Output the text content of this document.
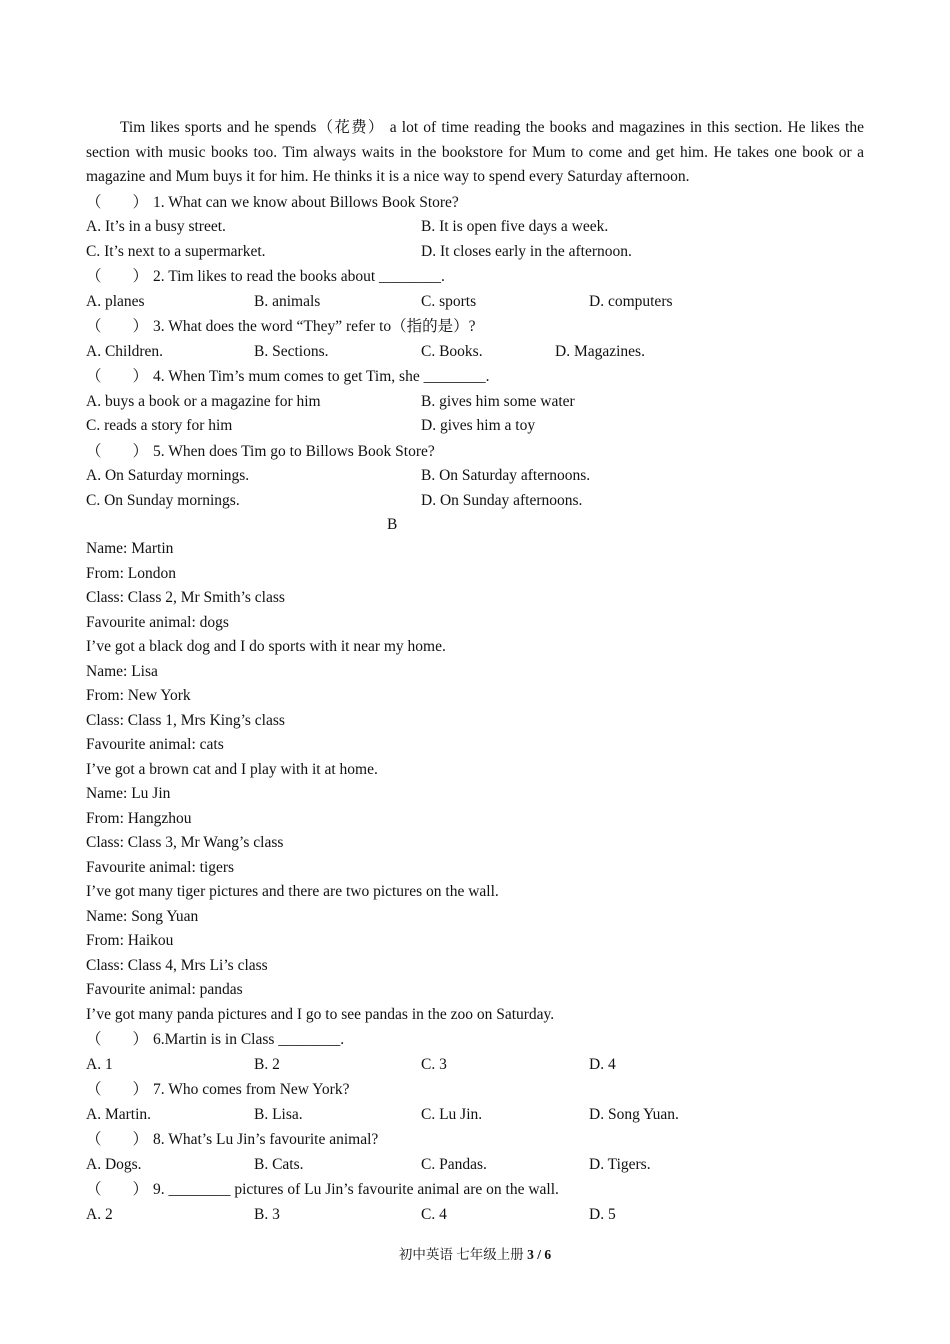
Tim likes sports and he spends（花费） a lot of time reading the books and magazines in this section. He likes the section with music books too. Tim always waits in the bookstore for Mum to come and get him. He takes one book or a magazine and Mum buys it for him. He thinks it is a nice way to spend every Saturday afternoon.

（　　） 1. What can we know about Billows Book Store?
A. It’s in a busy street.	B. It is open five days a week.
C. It’s next to a supermarket.	D. It closes early in the afternoon.
（　　） 2. Tim likes to read the books about ________.
A. planes	B. animals	C. sports	D. computers
（　　） 3. What does the word “They” refer to（指的是）?
A. Children.	B. Sections.	C. Books.	D. Magazines.
（　　） 4. When Tim’s mum comes to get Tim, she ________.
A. buys a book or a magazine for him	B. gives him some water
C. reads a story for him	D. gives him a toy
（　　） 5. When does Tim go to Billows Book Store?
A. On Saturday mornings.	B. On Saturday afternoons.
C. On Sunday mornings.	D. On Sunday afternoons.
B
Name: Martin
From: London
Class: Class 2, Mr Smith’s class
Favourite animal: dogs
I’ve got a black dog and I do sports with it near my home.
Name: Lisa
From: New York
Class: Class 1, Mrs King’s class
Favourite animal: cats
I’ve got a brown cat and I play with it at home.
Name: Lu Jin
From: Hangzhou
Class: Class 3, Mr Wang’s class
Favourite animal: tigers
I’ve got many tiger pictures and there are two pictures on the wall.
Name: Song Yuan
From: Haikou
Class: Class 4, Mrs Li’s class
Favourite animal: pandas
I’ve got many panda pictures and I go to see pandas in the zoo on Saturday.
（　　） 6.Martin is in Class ________.
A. 1	B. 2	C. 3	D. 4
（　　） 7. Who comes from New York?
A. Martin.	B. Lisa.	C. Lu Jin.	D. Song Yuan.
（　　） 8. What’s Lu Jin’s favourite animal?
A. Dogs.	B. Cats.	C. Pandas.	D. Tigers.
（　　） 9. ________ pictures of Lu Jin’s favourite animal are on the wall.
A. 2	B. 3	C. 4	D. 5
初中英语 七年级上册 3 / 6
